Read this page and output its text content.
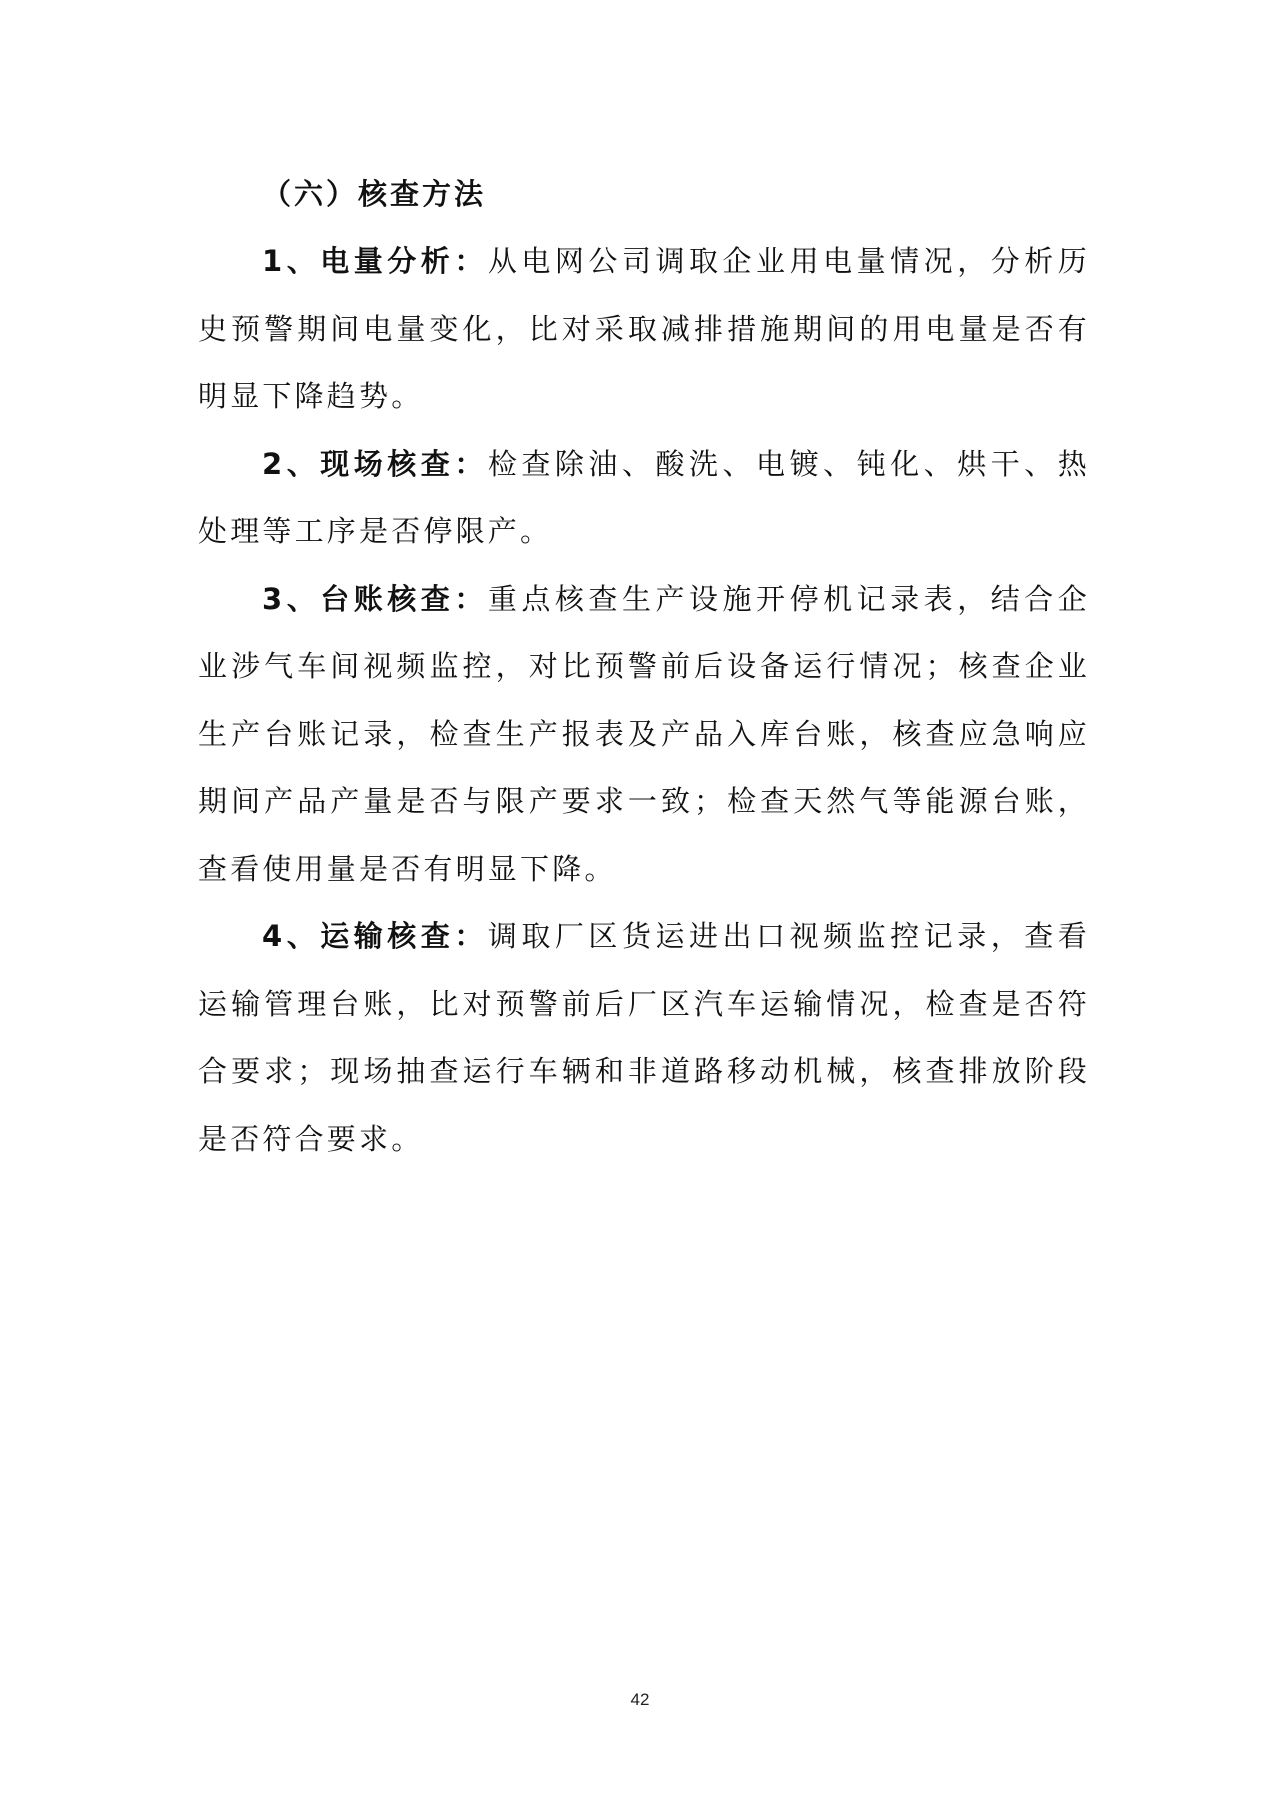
（六）核查方法

1、电量分析：从电网公司调取企业用电量情况，分析历史预警期间电量变化，比对采取减排措施期间的用电量是否有明显下降趋势。

2、现场核查：检查除油、酸洗、电镀、钝化、烘干、热处理等工序是否停限产。

3、台账核查：重点核查生产设施开停机记录表，结合企业涉气车间视频监控，对比预警前后设备运行情况；核查企业生产台账记录，检查生产报表及产品入库台账，核查应急响应期间产品产量是否与限产要求一致；检查天然气等能源台账，查看使用量是否有明显下降。

4、运输核查：调取厂区货运进出口视频监控记录，查看运输管理台账，比对预警前后厂区汽车运输情况，检查是否符合要求；现场抽查运行车辆和非道路移动机械，核查排放阶段是否符合要求。

42
